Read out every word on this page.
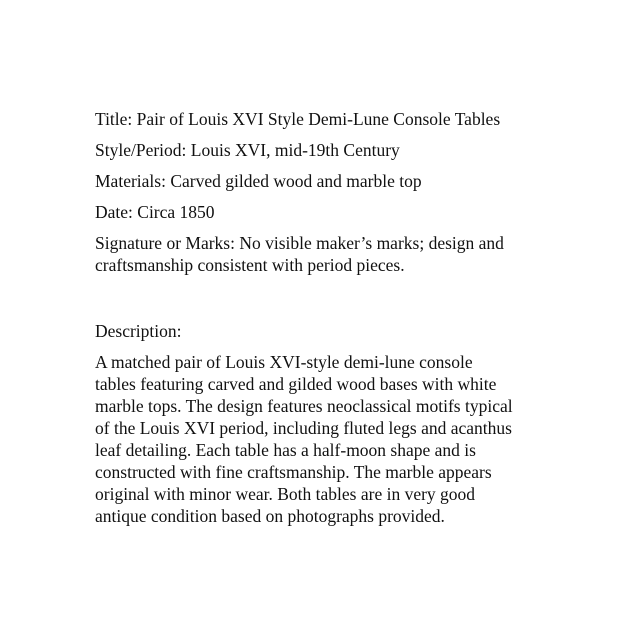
Title: Pair of Louis XVI Style Demi-Lune Console Tables

Style/Period: Louis XVI, mid-19th Century

Materials: Carved gilded wood and marble top

Date: Circa 1850

Signature or Marks: No visible maker’s marks; design and
craftsmanship consistent with period pieces.

Description:

A matched pair of Louis XVI-style demi-lune console
tables featuring carved and gilded wood bases with white
marble tops. The design features neoclassical motifs typical
of the Louis XVI period, including fluted legs and acanthus
leaf detailing. Each table has a half-moon shape and is
constructed with fine craftsmanship. The marble appears
original with minor wear. Both tables are in very good
antique condition based on photographs provided.
